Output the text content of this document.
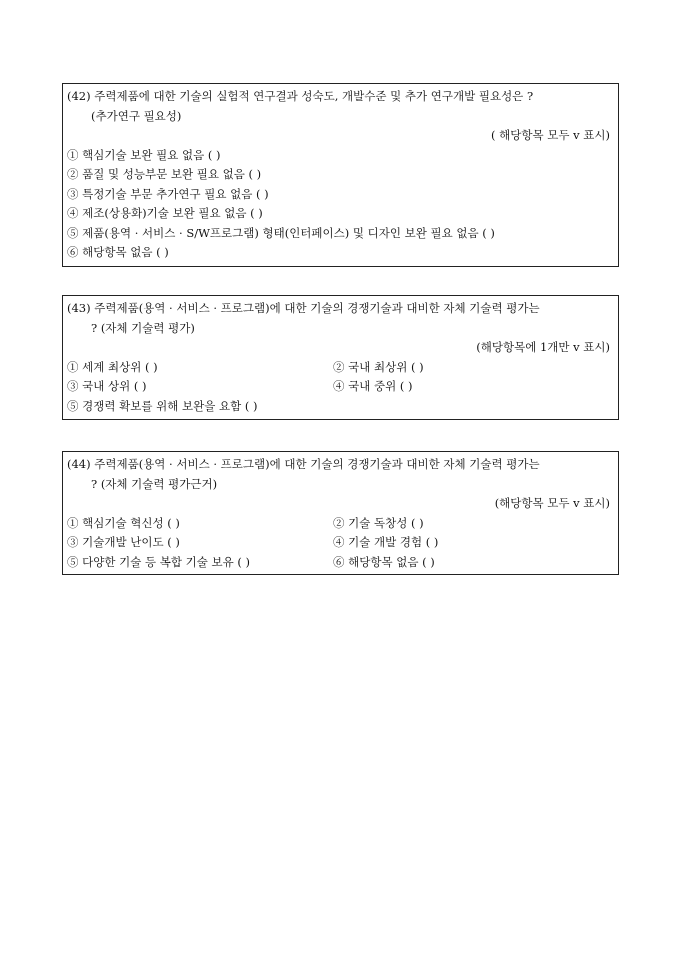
(42) 주력제품에 대한 기술의 실험적 연구결과 성숙도, 개발수준 및 추가 연구개발 필요성은 ?
(추가연구 필요성)
( 해당항목 모두 v 표시)
① 핵심기술 보완 필요 없음 ( )
② 품질 및 성능부문 보완 필요 없음 ( )
③ 특정기술 부문 추가연구 필요 없음 ( )
④ 제조(상용화)기술 보완 필요 없음 ( )
⑤ 제품(용역 · 서비스 · S/W프로그램) 형태(인터페이스) 및 디자인 보완 필요 없음 ( )
⑥ 해당항목 없음 ( )
(43) 주력제품(용역 · 서비스 · 프로그램)에 대한 기술의 경쟁기술과 대비한 자체 기술력 평가는
? (자체 기술력 평가)
(해당항목에 1개만 v 표시)
① 세계 최상위 ( )	② 국내 최상위 ( )
③ 국내 상위 ( )	④ 국내 중위 ( )
⑤ 경쟁력 확보를 위해 보완을 요함 ( )
(44) 주력제품(용역 · 서비스 · 프로그램)에 대한 기술의 경쟁기술과 대비한 자체 기술력 평가는
? (자체 기술력 평가근거)
(해당항목 모두 v 표시)
① 핵심기술 혁신성 ( )	② 기술 독창성 ( )
③ 기술개발 난이도 ( )	④ 기술 개발 경험 ( )
⑤ 다양한 기술 등 복합 기술 보유 ( )	⑥ 해당항목 없음 ( )
